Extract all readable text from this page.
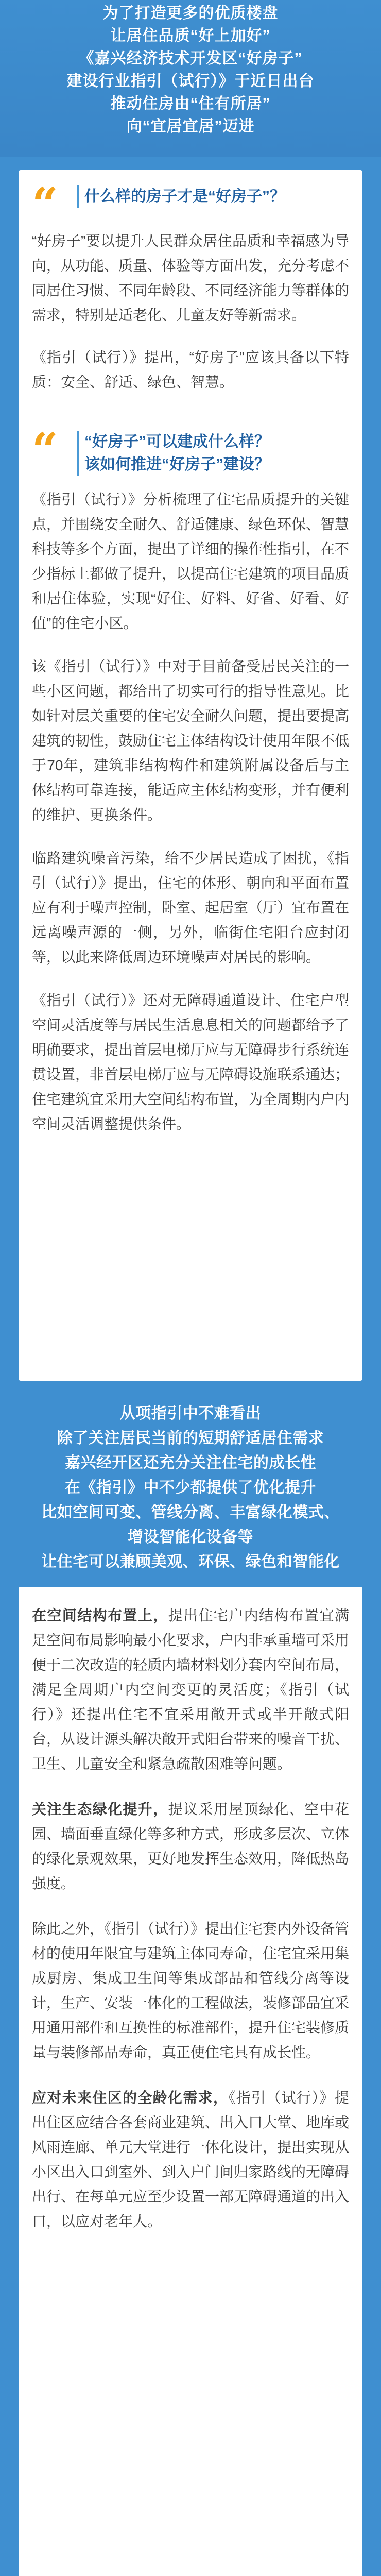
为了打造更多的优质楼盘
让居住品质“好上加好”
《嘉兴经济技术开发区“好房子”
建设行业指引（试行）》于近日出台
推动住房由“住有所居”
向“宜居宜居”迈进
“	什么样的房子才是“好房子”？
“好房子”要以提升人民群众居住品质和幸福感为导向，从功能、质量、体验等方面出发，充分考虑不同居住习惯、不同年龄段、不同经济能力等群体的需求，特别是适老化、儿童友好等新需求。
《指引（试行）》提出，“好房子”应该具备以下特质：安全、舒适、绿色、智慧。
“	“好房子”可以建成什么样？
该如何推进“好房子”建设？
《指引（试行）》分析梳理了住宅品质提升的关键点，并围绕安全耐久、舒适健康、绿色环保、智慧科技等多个方面，提出了详细的操作性指引，在不少指标上都做了提升，以提高住宅建筑的项目品质和居住体验，实现“好住、好料、好省、好看、好值”的住宅小区。
该《指引（试行）》中对于目前备受居民关注的一些小区问题，都给出了切实可行的指导性意见。比如针对层关重要的住宅安全耐久问题，提出要提高建筑的韧性，鼓励住宅主体结构设计使用年限不低于70年，建筑非结构构件和建筑附属设备后与主体结构可靠连接，能适应主体结构变形，并有便利的维护、更换条件。
临路建筑噪音污染，给不少居民造成了困扰，《指引（试行）》提出，住宅的体形、朝向和平面布置应有利于噪声控制，卧室、起居室（厅）宜布置在远离噪声源的一侧，另外，临街住宅阳台应封闭等，以此来降低周边环境噪声对居民的影响。
《指引（试行）》还对无障碍通道设计、住宅户型空间灵活度等与居民生活息息相关的问题都给予了明确要求，提出首层电梯厅应与无障碍步行系统连贯设置，非首层电梯厅应与无障碍设施联系通达；住宅建筑宜采用大空间结构布置，为全周期内户内空间灵活调整提供条件。
从项指引中不难看出
除了关注居民当前的短期舒适居住需求
嘉兴经开区还充分关注住宅的成长性
在《指引》中不少都提供了优化提升
比如空间可变、管线分离、丰富绿化模式、
增设智能化设备等
让住宅可以兼顾美观、环保、绿色和智能化
在空间结构布置上，提出住宅户内结构布置宜满足空间布局影响最小化要求，户内非承重墙可采用便于二次改造的轻质内墙材料划分套内空间布局，满足全周期户内空间变更的灵活度；《指引（试行）》还提出住宅不宜采用敞开式或半开敞式阳台，从设计源头解决敞开式阳台带来的噪音干扰、卫生、儿童安全和紧急疏散困难等问题。
关注生态绿化提升，提议采用屋顶绿化、空中花园、墙面垂直绿化等多种方式，形成多层次、立体的绿化景观效果，更好地发挥生态效用，降低热岛强度。
除此之外，《指引（试行）》提出住宅套内外设备管材的使用年限宜与建筑主体同寿命，住宅宜采用集成厨房、集成卫生间等集成部品和管线分离等设计，生产、安装一体化的工程做法，装修部品宜采用通用部件和互换性的标准部件，提升住宅装修质量与装修部品寿命，真正使住宅具有成长性。
应对未来住区的全龄化需求，《指引（试行）》提出住区应结合各套商业建筑、出入口大堂、地库或风雨连廊、单元大堂进行一体化设计，提出实现从小区出入口到室外、到入户门间归家路线的无障碍出行、在每单元应至少设置一部无障碍通道的出入口，以应对老年人。
